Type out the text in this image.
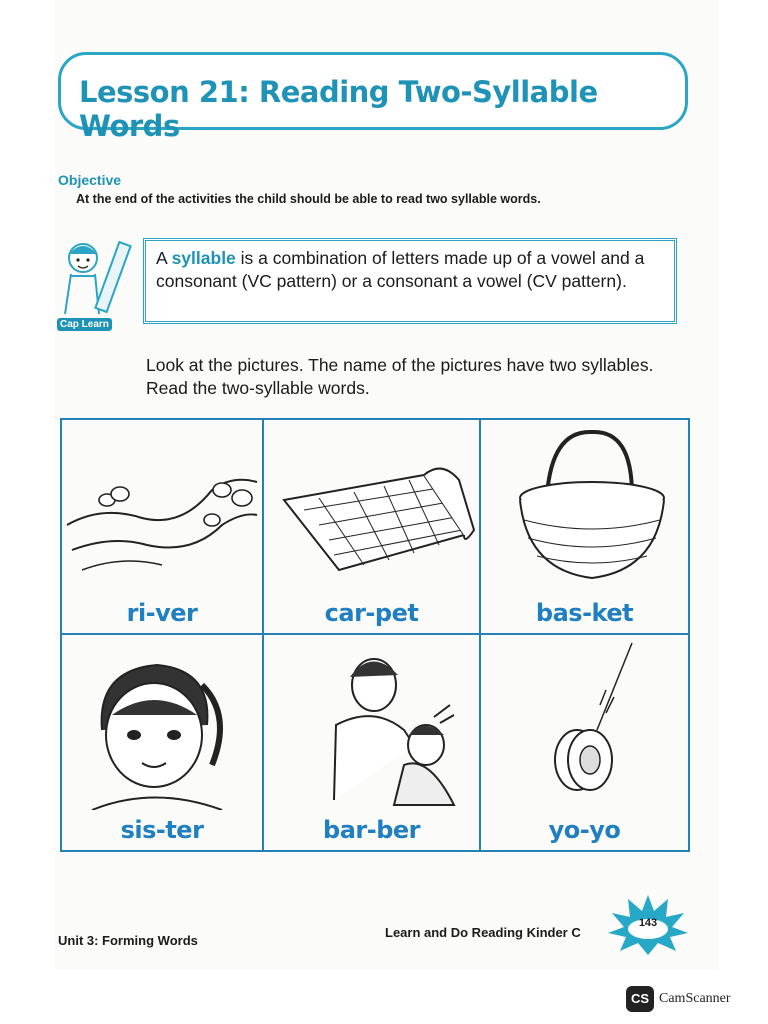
Lesson 21: Reading Two-Syllable Words
Objective
At the end of the activities the child should be able to read two syllable words.
Cap Learn

A syllable is a combination of letters made up of a vowel and a consonant (VC pattern) or a consonant a vowel (CV pattern).

Look at the pictures. The name of the pictures have two syllables. Read the two-syllable words.
ri-ver	car-pet	bas-ket
sis-ter	bar-ber	yo-yo
Unit 3: Forming Words
Learn and Do Reading Kinder C
143
CS CamScanner
